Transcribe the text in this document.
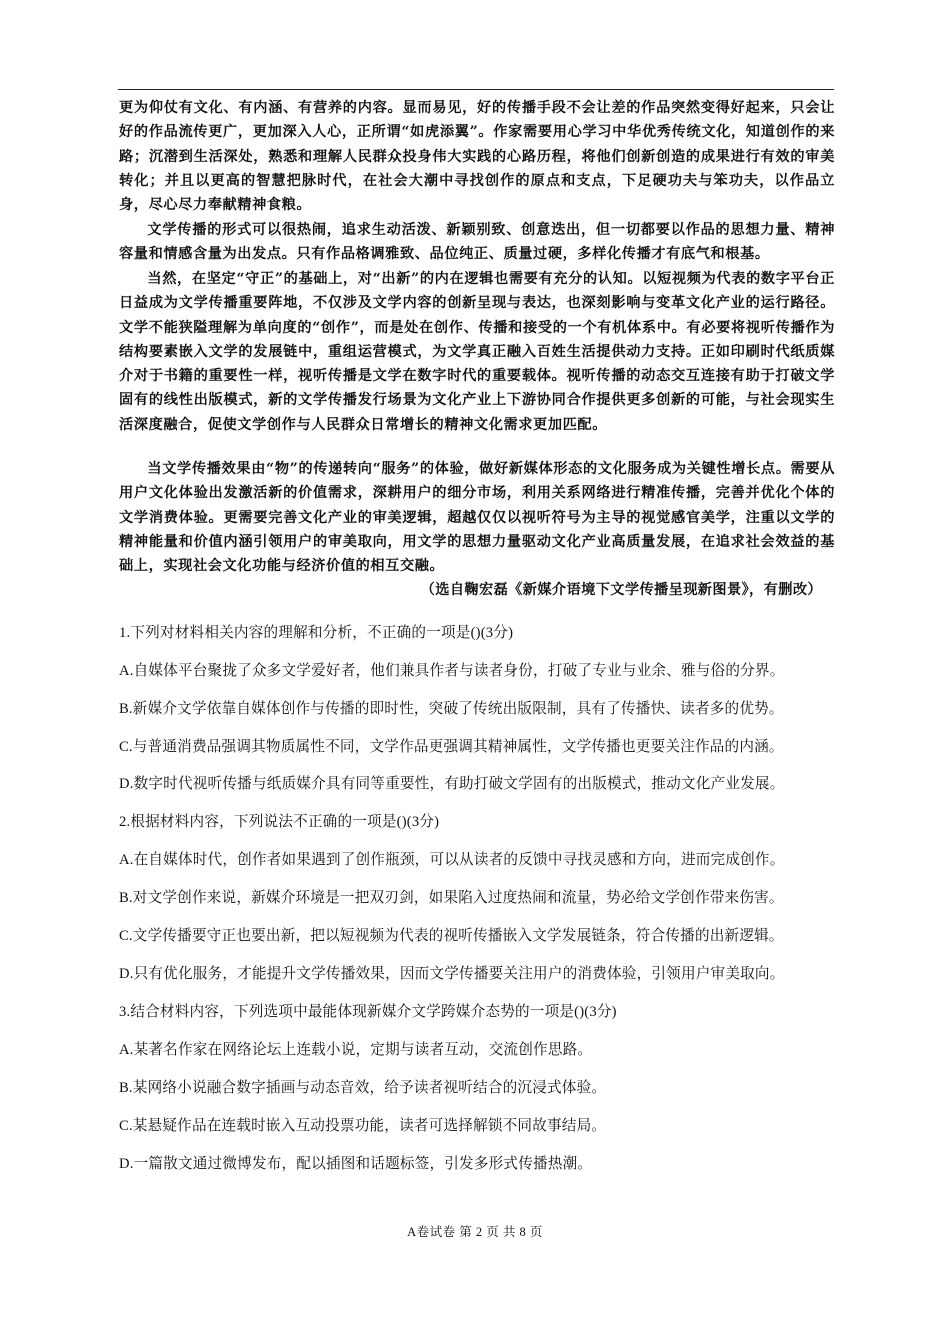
更为仰仗有文化、有内涵、有营养的内容。显而易见，好的传播手段不会让差的作品突然变得好起来，只会让好的作品流传更广，更加深入人心，正所谓“如虎添翼”。作家需要用心学习中华优秀传统文化，知道创作的来路；沉潜到生活深处，熟悉和理解人民群众投身伟大实践的心路历程，将他们创新创造的成果进行有效的审美转化；并且以更高的智慧把脉时代，在社会大潮中寻找创作的原点和支点，下足硬功夫与笨功夫，以作品立身，尽心尽力奉献精神食粮。

文学传播的形式可以很热闹，追求生动活泼、新颖别致、创意迭出，但一切都要以作品的思想力量、精神容量和情感含量为出发点。只有作品格调雅致、品位纯正、质量过硬，多样化传播才有底气和根基。

当然，在坚定“守正”的基础上，对“出新”的内在逻辑也需要有充分的认知。以短视频为代表的数字平台正日益成为文学传播重要阵地，不仅涉及文学内容的创新呈现与表达，也深刻影响与变革文化产业的运行路径。文学不能狭隘理解为单向度的“创作”，而是处在创作、传播和接受的一个有机体系中。有必要将视听传播作为结构要素嵌入文学的发展链中，重组运营模式，为文学真正融入百姓生活提供动力支持。正如印刷时代纸质媒介对于书籍的重要性一样，视听传播是文学在数字时代的重要载体。视听传播的动态交互连接有助于打破文学固有的线性出版模式，新的文学传播发行场景为文化产业上下游协同合作提供更多创新的可能，与社会现实生活深度融合，促使文学创作与人民群众日常增长的精神文化需求更加匹配。

当文学传播效果由“物”的传递转向“服务”的体验，做好新媒体形态的文化服务成为关键性增长点。需要从用户文化体验出发激活新的价值需求，深耕用户的细分市场，利用关系网络进行精准传播，完善并优化个体的文学消费体验。更需要完善文化产业的审美逻辑，超越仅仅以视听符号为主导的视觉感官美学，注重以文学的精神能量和价值内涵引领用户的审美取向，用文学的思想力量驱动文化产业高质量发展，在追求社会效益的基础上，实现社会文化功能与经济价值的相互交融。

（选自鞠宏磊《新媒介语境下文学传播呈现新图景》，有删改）
1.下列对材料相关内容的理解和分析，不正确的一项是()(3分)
A.自媒体平台聚拢了众多文学爱好者，他们兼具作者与读者身份，打破了专业与业余、雅与俗的分界。
B.新媒介文学依靠自媒体创作与传播的即时性，突破了传统出版限制，具有了传播快、读者多的优势。
C.与普通消费品强调其物质属性不同，文学作品更强调其精神属性，文学传播也更要关注作品的内涵。
D.数字时代视听传播与纸质媒介具有同等重要性，有助打破文学固有的出版模式，推动文化产业发展。
2.根据材料内容，下列说法不正确的一项是()(3分)
A.在自媒体时代，创作者如果遇到了创作瓶颈，可以从读者的反馈中寻找灵感和方向，进而完成创作。
B.对文学创作来说，新媒介环境是一把双刃剑，如果陷入过度热闹和流量，势必给文学创作带来伤害。
C.文学传播要守正也要出新，把以短视频为代表的视听传播嵌入文学发展链条，符合传播的出新逻辑。
D.只有优化服务，才能提升文学传播效果，因而文学传播要关注用户的消费体验，引领用户审美取向。
3.结合材料内容，下列选项中最能体现新媒介文学跨媒介态势的一项是()(3分)
A.某著名作家在网络论坛上连载小说，定期与读者互动，交流创作思路。
B.某网络小说融合数字插画与动态音效，给予读者视听结合的沉浸式体验。
C.某悬疑作品在连载时嵌入互动投票功能，读者可选择解锁不同故事结局。
D.一篇散文通过微博发布，配以插图和话题标签，引发多形式传播热潮。
A卷试卷 第 2 页 共 8 页
